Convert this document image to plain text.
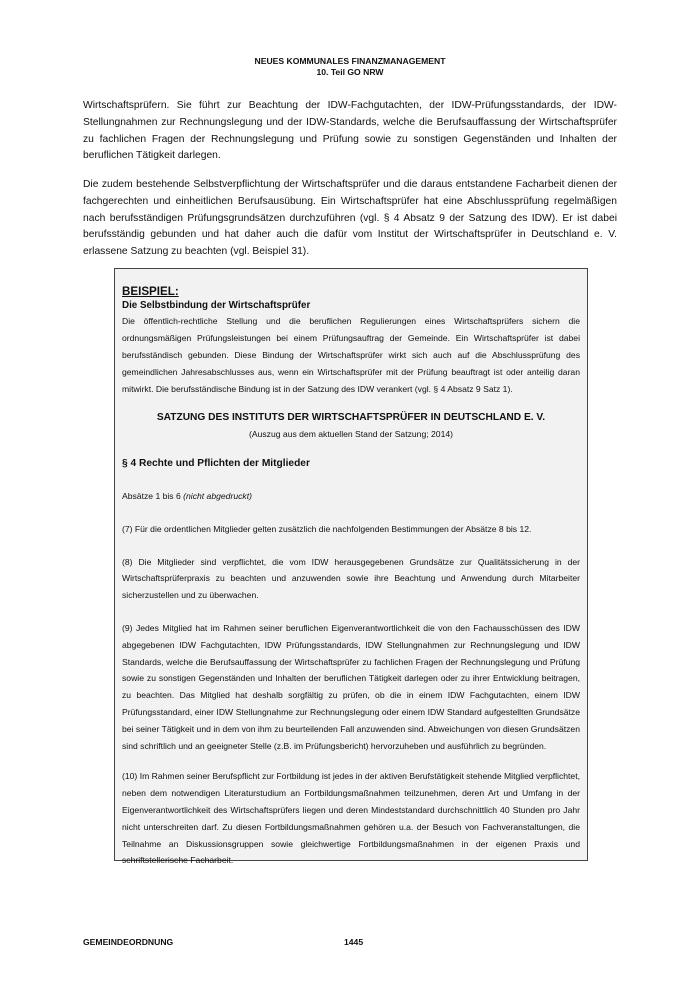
NEUES KOMMUNALES FINANZMANAGEMENT
10. Teil GO NRW

Wirtschaftsprüfern. Sie führt zur Beachtung der IDW-Fachgutachten, der IDW-Prüfungsstandards, der IDW-Stellungnahmen zur Rechnungslegung und der IDW-Standards, welche die Berufsauffassung der Wirtschaftsprüfer zu fachlichen Fragen der Rechnungslegung und Prüfung sowie zu sonstigen Gegenständen und Inhalten der beruflichen Tätigkeit darlegen.

Die zudem bestehende Selbstverpflichtung der Wirtschaftsprüfer und die daraus entstandene Facharbeit dienen der fachgerechten und einheitlichen Berufsausübung. Ein Wirtschaftsprüfer hat eine Abschlussprüfung regelmäßigen nach berufsständigen Prüfungsgrundsätzen durchzuführen (vgl. § 4 Absatz 9 der Satzung des IDW). Er ist dabei berufsständig gebunden und hat daher auch die dafür vom Institut der Wirtschaftsprüfer in Deutschland e. V. erlassene Satzung zu beachten (vgl. Beispiel 31).

BEISPIEL:
Die Selbstbindung der Wirtschaftsprüfer
Die öffentlich-rechtliche Stellung und die beruflichen Regulierungen eines Wirtschaftsprüfers sichern die ordnungsmäßigen Prüfungsleistungen bei einem Prüfungsauftrag der Gemeinde. Ein Wirtschaftsprüfer ist dabei berufsständisch gebunden. Diese Bindung der Wirtschaftsprüfer wirkt sich auch auf die Abschlussprüfung des gemeindlichen Jahresabschlusses aus, wenn ein Wirtschaftsprüfer mit der Prüfung beauftragt ist oder anteilig daran mitwirkt. Die berufsständische Bindung ist in der Satzung des IDW verankert (vgl. § 4 Absatz 9 Satz 1).
SATZUNG DES INSTITUTS DER WIRTSCHAFTSPRÜFER IN DEUTSCHLAND E. V.
(Auszug aus dem aktuellen Stand der Satzung; 2014)
§ 4 Rechte und Pflichten der Mitglieder
Absätze 1 bis 6 (nicht abgedruckt)
(7) Für die ordentlichen Mitglieder gelten zusätzlich die nachfolgenden Bestimmungen der Absätze 8 bis 12.
(8) Die Mitglieder sind verpflichtet, die vom IDW herausgegebenen Grundsätze zur Qualitätssicherung in der Wirtschaftsprüferpraxis zu beachten und anzuwenden sowie ihre Beachtung und Anwendung durch Mitarbeiter sicherzustellen und zu überwachen.
(9) Jedes Mitglied hat im Rahmen seiner beruflichen Eigenverantwortlichkeit die von den Fachausschüssen des IDW abgegebenen IDW Fachgutachten, IDW Prüfungsstandards, IDW Stellungnahmen zur Rechnungslegung und IDW Standards, welche die Berufsauffassung der Wirtschaftsprüfer zu fachlichen Fragen der Rechnungslegung und Prüfung sowie zu sonstigen Gegenständen und Inhalten der beruflichen Tätigkeit darlegen oder zu ihrer Entwicklung beitragen, zu beachten. Das Mitglied hat deshalb sorgfältig zu prüfen, ob die in einem IDW Fachgutachten, einem IDW Prüfungsstandard, einer IDW Stellungnahme zur Rechnungslegung oder einem IDW Standard aufgestellten Grundsätze bei seiner Tätigkeit und in dem von ihm zu beurteilenden Fall anzuwenden sind. Abweichungen von diesen Grundsätzen sind schriftlich und an geeigneter Stelle (z.B. im Prüfungsbericht) hervorzuheben und ausführlich zu begründen.
(10) Im Rahmen seiner Berufspflicht zur Fortbildung ist jedes in der aktiven Berufstätigkeit stehende Mitglied verpflichtet, neben dem notwendigen Literaturstudium an Fortbildungsmaßnahmen teilzunehmen, deren Art und Umfang in der Eigenverantwortlichkeit des Wirtschaftsprüfers liegen und deren Mindeststandard durchschnittlich 40 Stunden pro Jahr nicht unterschreiten darf. Zu diesen Fortbildungsmaßnahmen gehören u.a. der Besuch von Fachveranstaltungen, die Teilnahme an Diskussionsgruppen sowie gleichwertige Fortbildungsmaßnahmen in der eigenen Praxis und schriftstellerische Facharbeit.
GEMEINDEORDNUNG	1445
